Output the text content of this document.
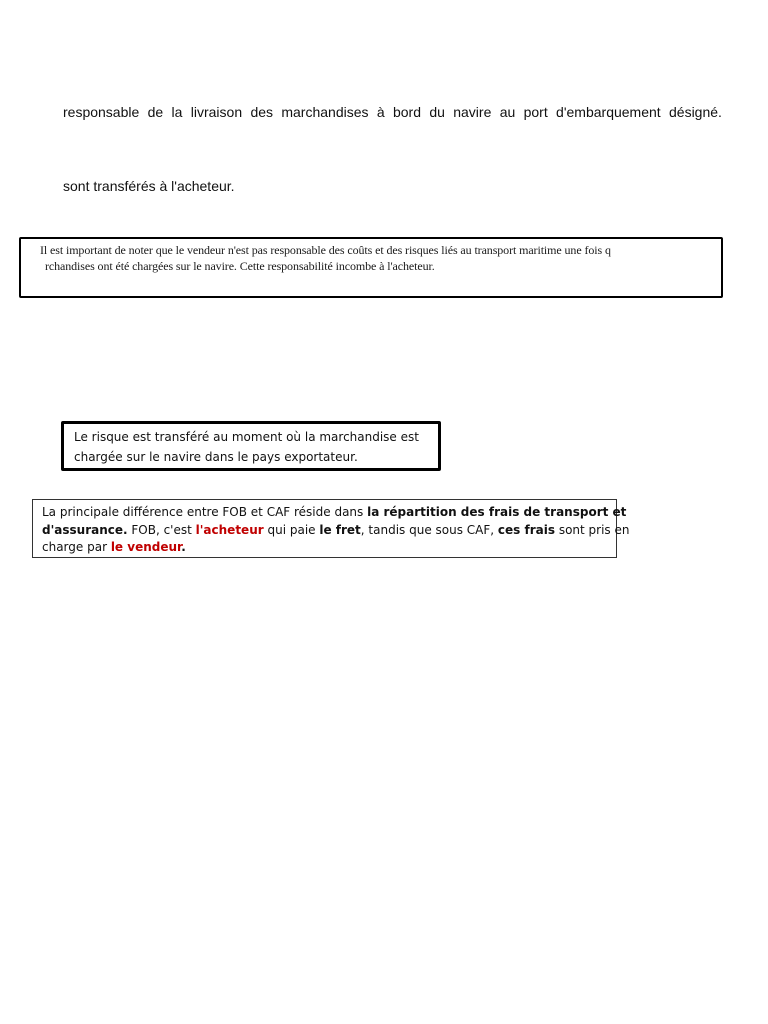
responsable de la livraison des marchandises à bord du navire au port d'embarquement désigné.

sont transférés à l'acheteur.

Il est important de noter que le vendeur n'est pas responsable des coûts et des risques liés au transport maritime une fois q

rchandises ont été chargées sur le navire. Cette responsabilité incombe à l'acheteur.

Le risque est transféré au moment où la marchandise est

chargée sur le navire dans le pays exportateur.

La principale différence entre FOB et CAF réside dans la répartition des frais de transport et

d'assurance. FOB, c'est l'acheteur qui paie le fret, tandis que sous CAF, ces frais sont pris en

charge par le vendeur.
